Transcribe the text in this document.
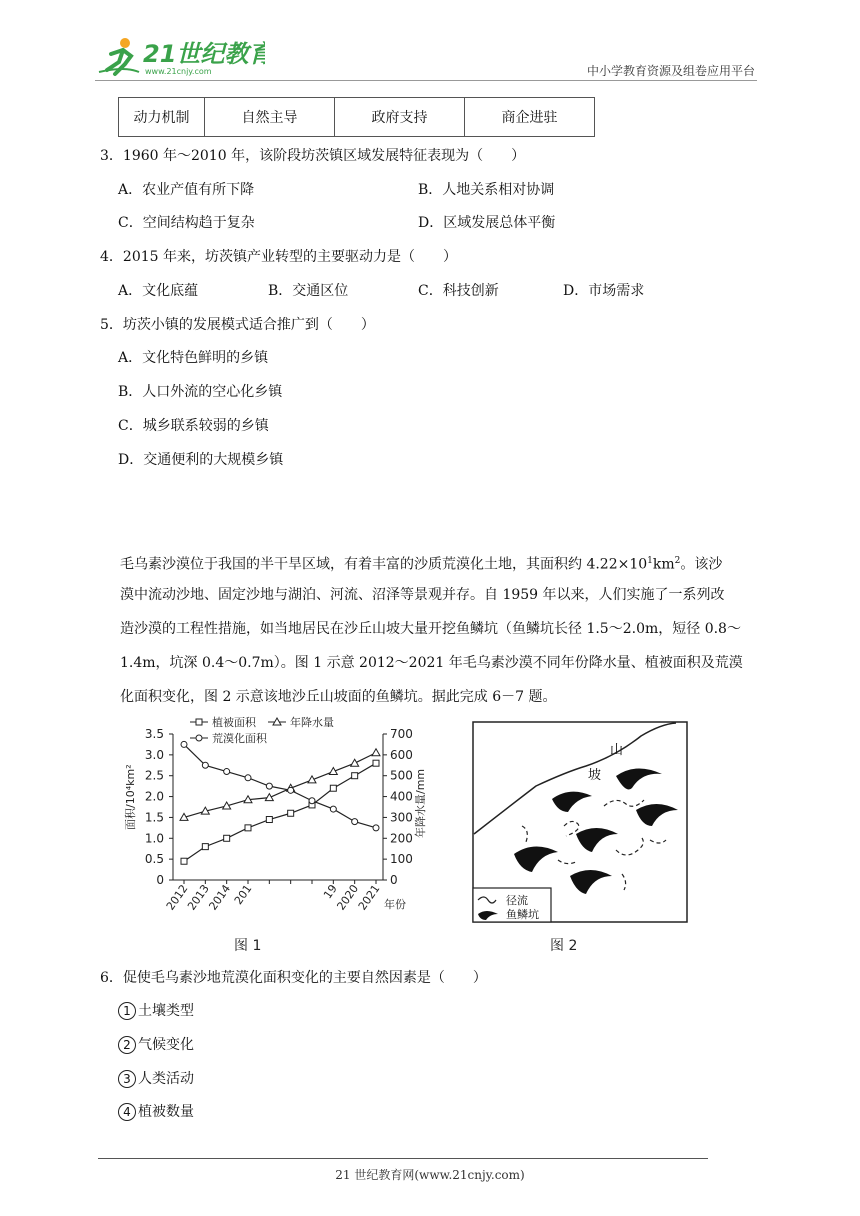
21世纪教育
www.21cnjy.com	中小学教育资源及组卷应用平台
动力机制	自然主导	政府支持	商企进驻
3．1960 年～2010 年，该阶段坊茨镇区域发展特征表现为（　　）
A．农业产值有所下降	B．人地关系相对协调
C．空间结构趋于复杂	D．区域发展总体平衡
4．2015 年来，坊茨镇产业转型的主要驱动力是（　　）
A．文化底蕴	B．交通区位	C．科技创新	D．市场需求
5．坊茨小镇的发展模式适合推广到（　　）
A．文化特色鲜明的乡镇
B．人口外流的空心化乡镇
C．城乡联系较弱的乡镇
D．交通便利的大规模乡镇
毛乌素沙漠位于我国的半干旱区域，有着丰富的沙质荒漠化土地，其面积约 $4.22\times 10^1km^2$。该沙
漠中流动沙地、固定沙地与湖泊、河流、沼泽等景观并存。自 1959 年以来，人们实施了一系列改
造沙漠的工程性措施，如当地居民在沙丘山坡大量开挖鱼鳞坑（鱼鳞坑长径 1.5～2.0m，短径 0.8～
1.4m，坑深 0.4～0.7m）。图 1 示意 2012～2021 年毛乌素沙漠不同年份降水量、植被面积及荒漠
化面积变化，图 2 示意该地沙丘山坡面的鱼鳞坑。据此完成 6－7 题。
植被面积	年降水量
荒漠化面积
3.5
3.0
2.5
2.0
1.5
1.0
0.5
0
700
600
500
400
300
200
100
0
2012
2013
2014
201	19
2020
2021
面积/10⁴km²	年降水量/mm
年份
图 1
山
坡
径流
鱼鳞坑
图 2
6．促使毛乌素沙地荒漠化面积变化的主要自然因素是（　　）
1 土壤类型
2 气候变化
3 人类活动
4 植被数量
21 世纪教育网(www.21cnjy.com)
